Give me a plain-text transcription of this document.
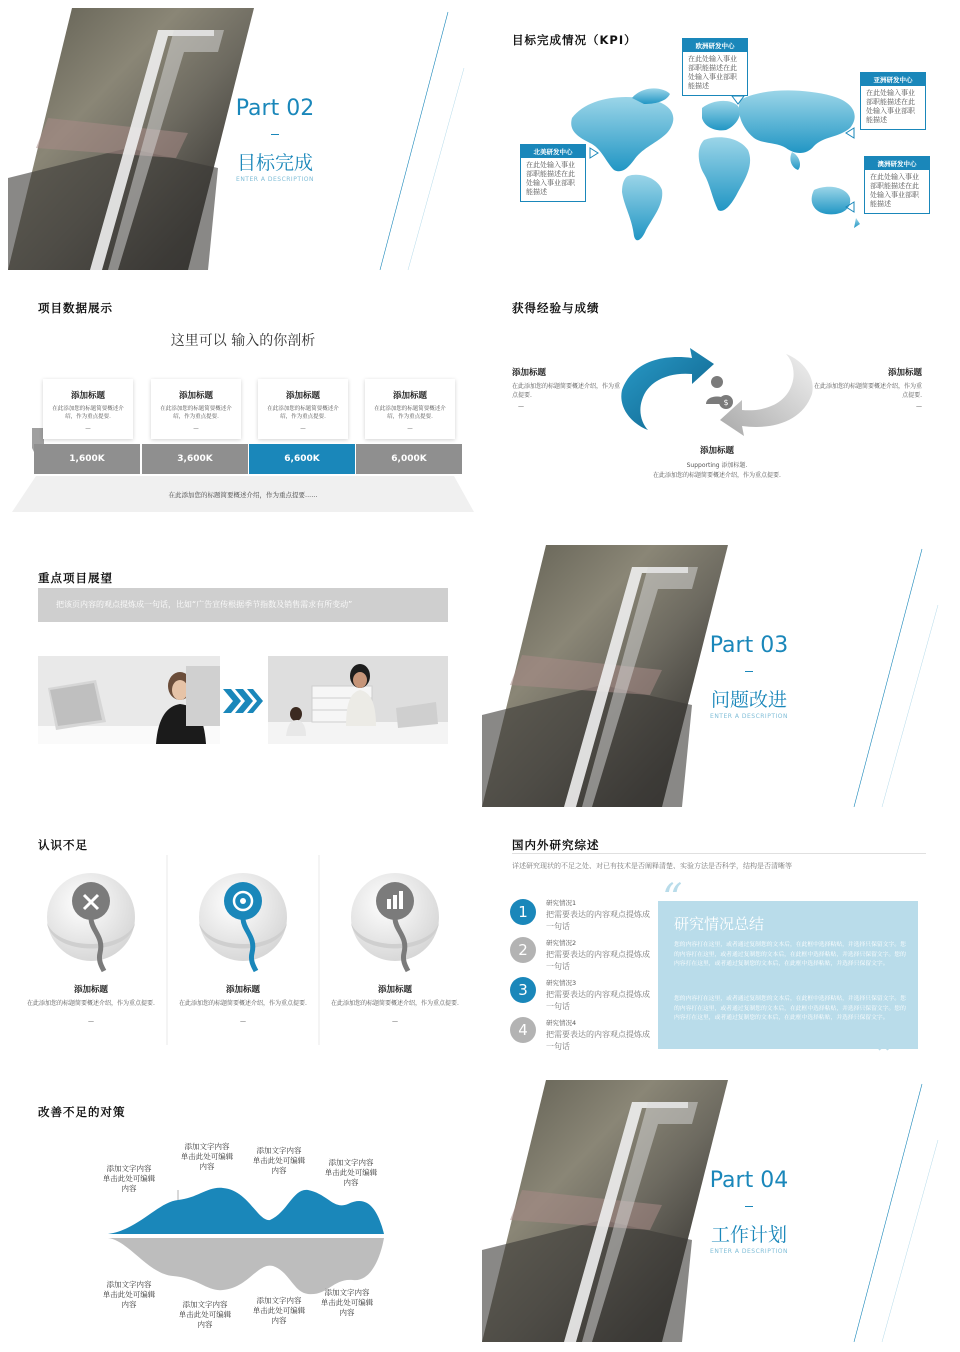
Part 02
目标完成
ENTER A DESCRIPTION
目标完成情况（KPI）	欧洲研发中心
在此处输入事业部职能描述在此处输入事业部职能描述
亚洲研发中心
在此处输入事业部职能描述在此处输入事业部职能描述
北美研发中心
在此处输入事业部职能描述在此处输入事业部职能描述
澳洲研发中心
在此处输入事业部职能描述在此处输入事业部职能描述
项目数据展示
这里可以 输入的你剖析
1,600K	3,600K	6,600K	6,000K
添加标题
在此添加您的标题简要概述介绍，作为重点提要.
—
添加标题
在此添加您的标题简要概述介绍，作为重点提要.
—
添加标题
在此添加您的标题简要概述介绍，作为重点提要.
—
添加标题
在此添加您的标题简要概述介绍，作为重点提要.
—
在此添加您的标题简要概述介绍，作为重点提要......
获得经验与成绩
$
添加标题
在此添加您的标题简要概述介绍，作为重点提要.
—
添加标题
在此添加您的标题简要概述介绍，作为重点提要.
—
添加标题
Supporting 添加标题.
在此添加您的标题简要概述介绍，作为重点提要.
重点项目展望
把该页内容的观点提炼成一句话，比如“广告宣传根据季节指数及销售需求有所变动”
Part 03
问题改进
ENTER A DESCRIPTION
认识不足
添加标题
在此添加您的标题简要概述介绍，作为重点提要.
—
添加标题
在此添加您的标题简要概述介绍，作为重点提要.
—
添加标题
在此添加您的标题简要概述介绍，作为重点提要.
—
国内外研究综述
详述研究现状的不足之处、对已有技术是否阐释清楚、实验方法是否科学，结构是否清晰等
1	研究情况1
把需要表达的内容观点提炼成一句话
2	研究情况2
把需要表达的内容观点提炼成一句话
3	研究情况3
把需要表达的内容观点提炼成一句话
4	研究情况4
把需要表达的内容观点提炼成一句话
研究情况总结
您的内容打在这里，或者通过复制您的文本后，在此框中选择粘贴，并选择只保留文字。您的内容打在这里，或者通过复制您的文本后，在此框中选择粘贴，并选择只保留文字。您的内容打在这里，或者通过复制您的文本后，在此框中选择粘贴，并选择只保留文字。
您的内容打在这里，或者通过复制您的文本后，在此框中选择粘贴，并选择只保留文字。您的内容打在这里，或者通过复制您的文本后，在此框中选择粘贴，并选择只保留文字。您的内容打在这里，或者通过复制您的文本后，在此框中选择粘贴，并选择只保留文字。
“
”
改善不足的对策
添加文字内容
单击此处可编辑
内容
添加文字内容
单击此处可编辑
内容
添加文字内容
单击此处可编辑
内容
添加文字内容
单击此处可编辑
内容
添加文字内容
单击此处可编辑
内容	添加文字内容
单击此处可编辑
内容
添加文字内容
单击此处可编辑
内容
添加文字内容
单击此处可编辑
内容
Part 04
工作计划
ENTER A DESCRIPTION
